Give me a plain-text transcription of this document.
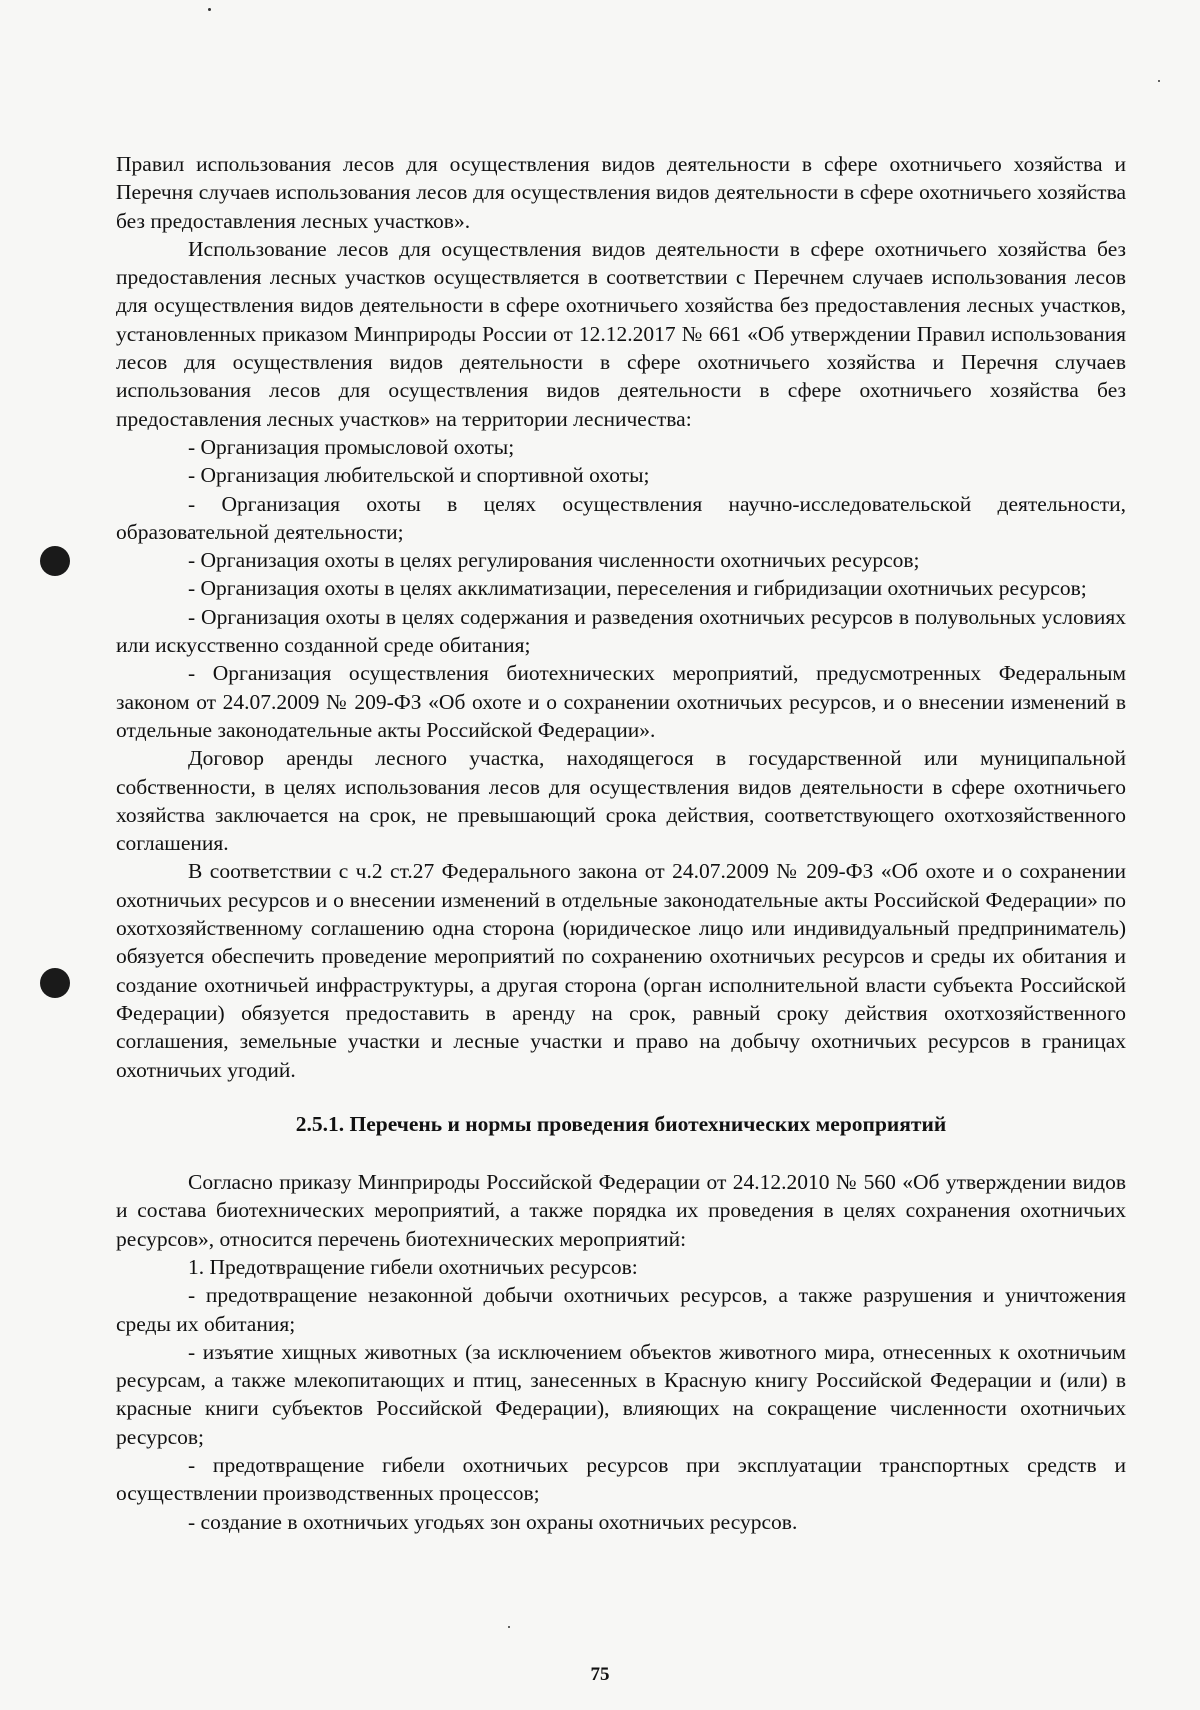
Правил использования лесов для осуществления видов деятельности в сфере охотничьего хозяйства и Перечня случаев использования лесов для осуществления видов деятельности в сфере охотничьего хозяйства без предоставления лесных участков».

Использование лесов для осуществления видов деятельности в сфере охотничьего хозяйства без предоставления лесных участков осуществляется в соответствии с Перечнем случаев использования лесов для осуществления видов деятельности в сфере охотничьего хозяйства без предоставления лесных участков, установленных приказом Минприроды России от 12.12.2017 № 661 «Об утверждении Правил использования лесов для осуществления видов деятельности в сфере охотничьего хозяйства и Перечня случаев использования лесов для осуществления видов деятельности в сфере охотничьего хозяйства без предоставления лесных участков» на территории лесничества:

- Организация промысловой охоты;

- Организация любительской и спортивной охоты;

- Организация охоты в целях осуществления научно-исследовательской деятельности, образовательной деятельности;

- Организация охоты в целях регулирования численности охотничьих ресурсов;

- Организация охоты в целях акклиматизации, переселения и гибридизации охотничьих ресурсов;

- Организация охоты в целях содержания и разведения охотничьих ресурсов в полувольных условиях или искусственно созданной среде обитания;

- Организация осуществления биотехнических мероприятий, предусмотренных Федеральным законом от 24.07.2009 № 209-ФЗ «Об охоте и о сохранении охотничьих ресурсов, и о внесении изменений в отдельные законодательные акты Российской Федерации».

Договор аренды лесного участка, находящегося в государственной или муниципальной собственности, в целях использования лесов для осуществления видов деятельности в сфере охотничьего хозяйства заключается на срок, не превышающий срока действия, соответствующего охотхозяйственного соглашения.

В соответствии с ч.2 ст.27 Федерального закона от 24.07.2009 № 209-ФЗ «Об охоте и о сохранении охотничьих ресурсов и о внесении изменений в отдельные законодательные акты Российской Федерации» по охотхозяйственному соглашению одна сторона (юридическое лицо или индивидуальный предприниматель) обязуется обеспечить проведение мероприятий по сохранению охотничьих ресурсов и среды их обитания и создание охотничьей инфраструктуры, а другая сторона (орган исполнительной власти субъекта Российской Федерации) обязуется предоставить в аренду на срок, равный сроку действия охотхозяйственного соглашения, земельные участки и лесные участки и право на добычу охотничьих ресурсов в границах охотничьих угодий.

2.5.1. Перечень и нормы проведения биотехнических мероприятий

Согласно приказу Минприроды Российской Федерации от 24.12.2010 № 560 «Об утверждении видов и состава биотехнических мероприятий, а также порядка их проведения в целях сохранения охотничьих ресурсов», относится перечень биотехнических мероприятий:

1. Предотвращение гибели охотничьих ресурсов:

- предотвращение незаконной добычи охотничьих ресурсов, а также разрушения и уничтожения среды их обитания;

- изъятие хищных животных (за исключением объектов животного мира, отнесенных к охотничьим ресурсам, а также млекопитающих и птиц, занесенных в Красную книгу Российской Федерации и (или) в красные книги субъектов Российской Федерации), влияющих на сокращение численности охотничьих ресурсов;

- предотвращение гибели охотничьих ресурсов при эксплуатации транспортных средств и осуществлении производственных процессов;

- создание в охотничьих угодьях зон охраны охотничьих ресурсов.

75
